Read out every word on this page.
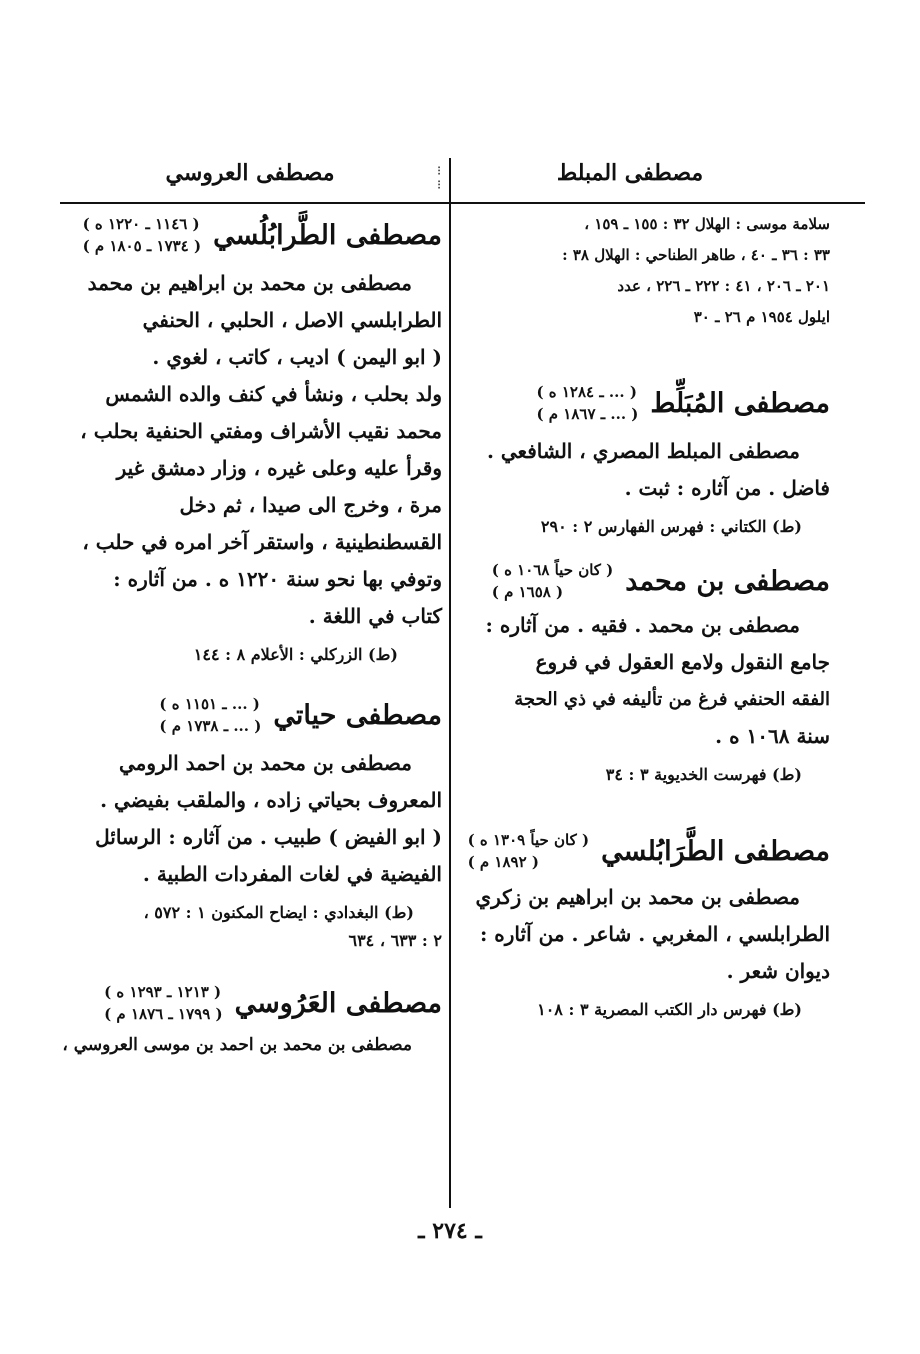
مصطفى المبلط
مصطفى العروسي	⁝
⁝
سلامة موسى : الهلال ٣٢ : ١٥٥ ـ ١٥٩ ،
٣٣ : ٣٦ ـ ٤٠ ، طاهر الطناحي : الهلال ٣٨ :
٢٠١ ـ ٢٠٦ ، ٤١ : ٢٢٢ ـ ٢٢٦ ، عدد
ايلول ١٩٥٤ م ٢٦ ـ ٣٠
مصطفى المُبَلِّط
( ... ـ ١٢٨٤ ه )
( ... ـ ١٨٦٧ م )

مصطفى المبلط المصري ، الشافعي .

فاضل . من آثاره : ثبت .

(ط) الكتاني : فهرس الفهارس ٢ : ٢٩٠
مصطفى بن محمد
( كان حياً ١٠٦٨ ه )
( ١٦٥٨ م )

مصطفى بن محمد . فقيه . من آثاره :

جامع النقول ولامع العقول في فروع

الفقه الحنفي فرغ من تأليفه في ذي الحجة

سنة ١٠٦٨ ه .

(ط) فهرست الخديوية ٣ : ٣٤
مصطفى الطَّرَابُلسي
( كان حياً ١٣٠٩ ه )
( ١٨٩٢ م )

مصطفى بن محمد بن ابراهيم بن زكري

الطرابلسي ، المغربي . شاعر . من آثاره :

ديوان شعر .

(ط) فهرس دار الكتب المصرية ٣ : ١٠٨
مصطفى الطَّرابُلُسي
( ١١٤٦ ـ ١٢٢٠ ه )
( ١٧٣٤ ـ ١٨٠٥ م )

مصطفى بن محمد بن ابراهيم بن محمد

الطرابلسي الاصل ، الحلبي ، الحنفي

( ابو اليمن ) اديب ، كاتب ، لغوي .

ولد بحلب ، ونشأ في كنف والده الشمس

محمد نقيب الأشراف ومفتي الحنفية بحلب ،

وقرأ عليه وعلى غيره ، وزار دمشق غير

مرة ، وخرج الى صيدا ، ثم دخل

القسطنطينية ، واستقر آخر امره في حلب ،

وتوفي بها نحو سنة ١٢٢٠ ه . من آثاره :

كتاب في اللغة .

(ط) الزركلي : الأعلام ٨ : ١٤٤
مصطفى حياتي
( ... ـ ١١٥١ ه )
( ... ـ ١٧٣٨ م )

مصطفى بن محمد بن احمد الرومي

المعروف بحياتي زاده ، والملقب بفيضي .

( ابو الفيض ) طبيب . من آثاره : الرسائل

الفيضية في لغات المفردات الطبية .

(ط) البغدادي : ايضاح المكنون ١ : ٥٧٢ ،
٢ : ٦٣٣ ، ٦٣٤
مصطفى العَرُوسي
( ١٢١٣ ـ ١٢٩٣ ه )
( ١٧٩٩ ـ ١٨٧٦ م )

مصطفى بن محمد بن احمد بن موسى العروسي ،

ـ ٢٧٤ ـ
